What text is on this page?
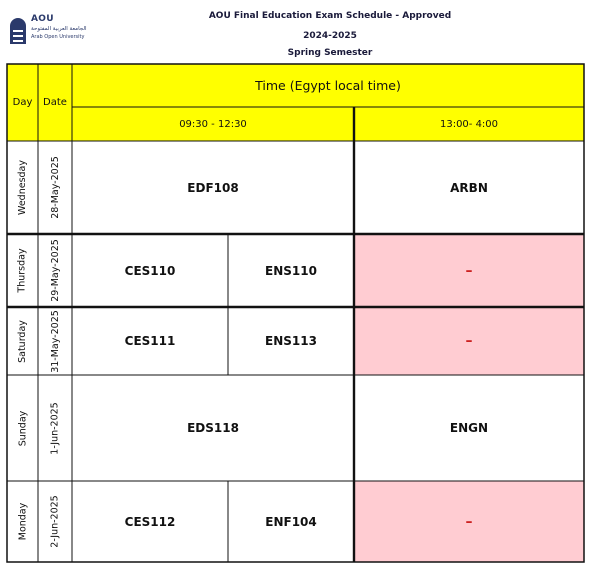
AOU
الجامعة العربية المفتوحة
Arab Open University
AOU Final Education Exam Schedule - Approved
2024-2025
Spring Semester
Day Date
Time (Egypt local time)
09:30 - 12:30	13:00- 4:00
Wednesday 28-May-2025	EDF108	ARBN
Thursday 29-May-2025	CES110	ENS110	–
Saturday 31-May-2025	CES111	ENS113	–
Sunday 1-Jun-2025	EDS118	ENGN
Monday 2-Jun-2025	CES112	ENF104	–
